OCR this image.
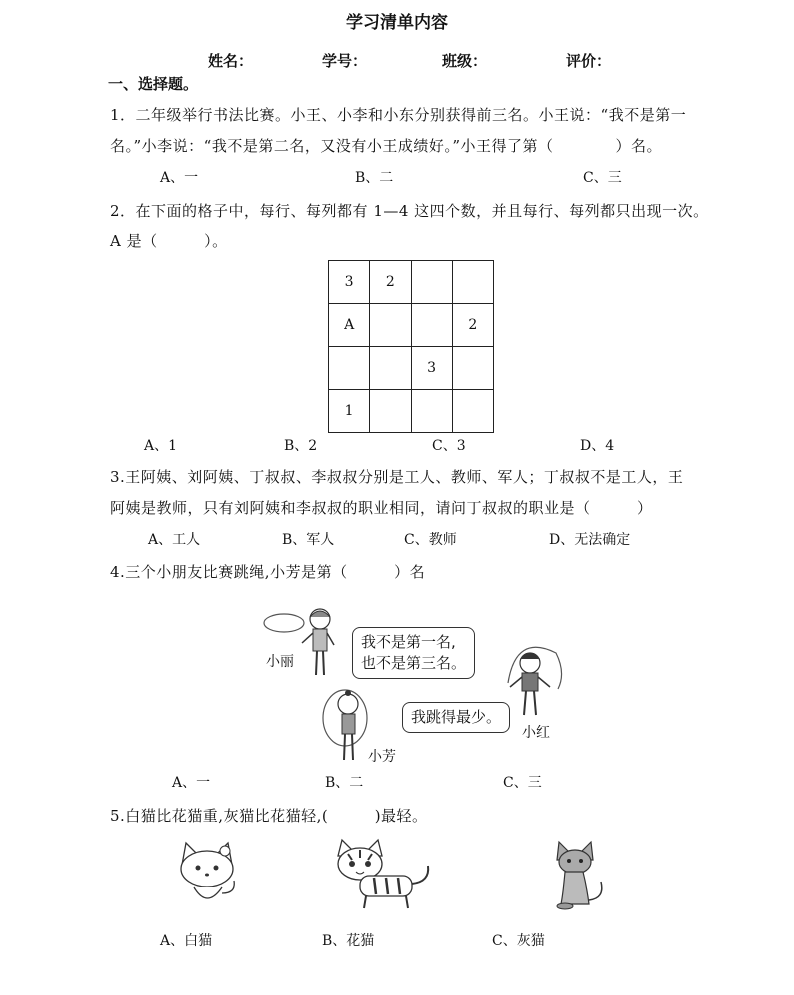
学习清单内容
姓名：	学号：	班级：	评价：
一、选择题。
1．二年级举行书法比赛。小王、小李和小东分别获得前三名。小王说：“我不是第一
名。”小李说：“我不是第二名，又没有小王成绩好。”小王得了第（　　　　）名。
A、一	B、二	C、三
2．在下面的格子中，每行、每列都有 1—4 这四个数，并且每行、每列都只出现一次。
A 是（　　　）。
3	2		
A			2
		3	
1			
A、1	B、2	C、3	D、4
3.王阿姨、刘阿姨、丁叔叔、李叔叔分别是工人、教师、军人；丁叔叔不是工人，王
阿姨是教师，只有刘阿姨和李叔叔的职业相同，请问丁叔叔的职业是（　　　）
A、工人	B、军人	C、教师	D、无法确定
4.三个小朋友比赛跳绳,小芳是第（　　　）名
小丽
我不是第一名,
也不是第三名。
小芳
我跳得最少。
小红
A、一	B、二	C、三
5.白猫比花猫重,灰猫比花猫轻,(　　　)最轻。
A、白猫	B、花猫	C、灰猫
